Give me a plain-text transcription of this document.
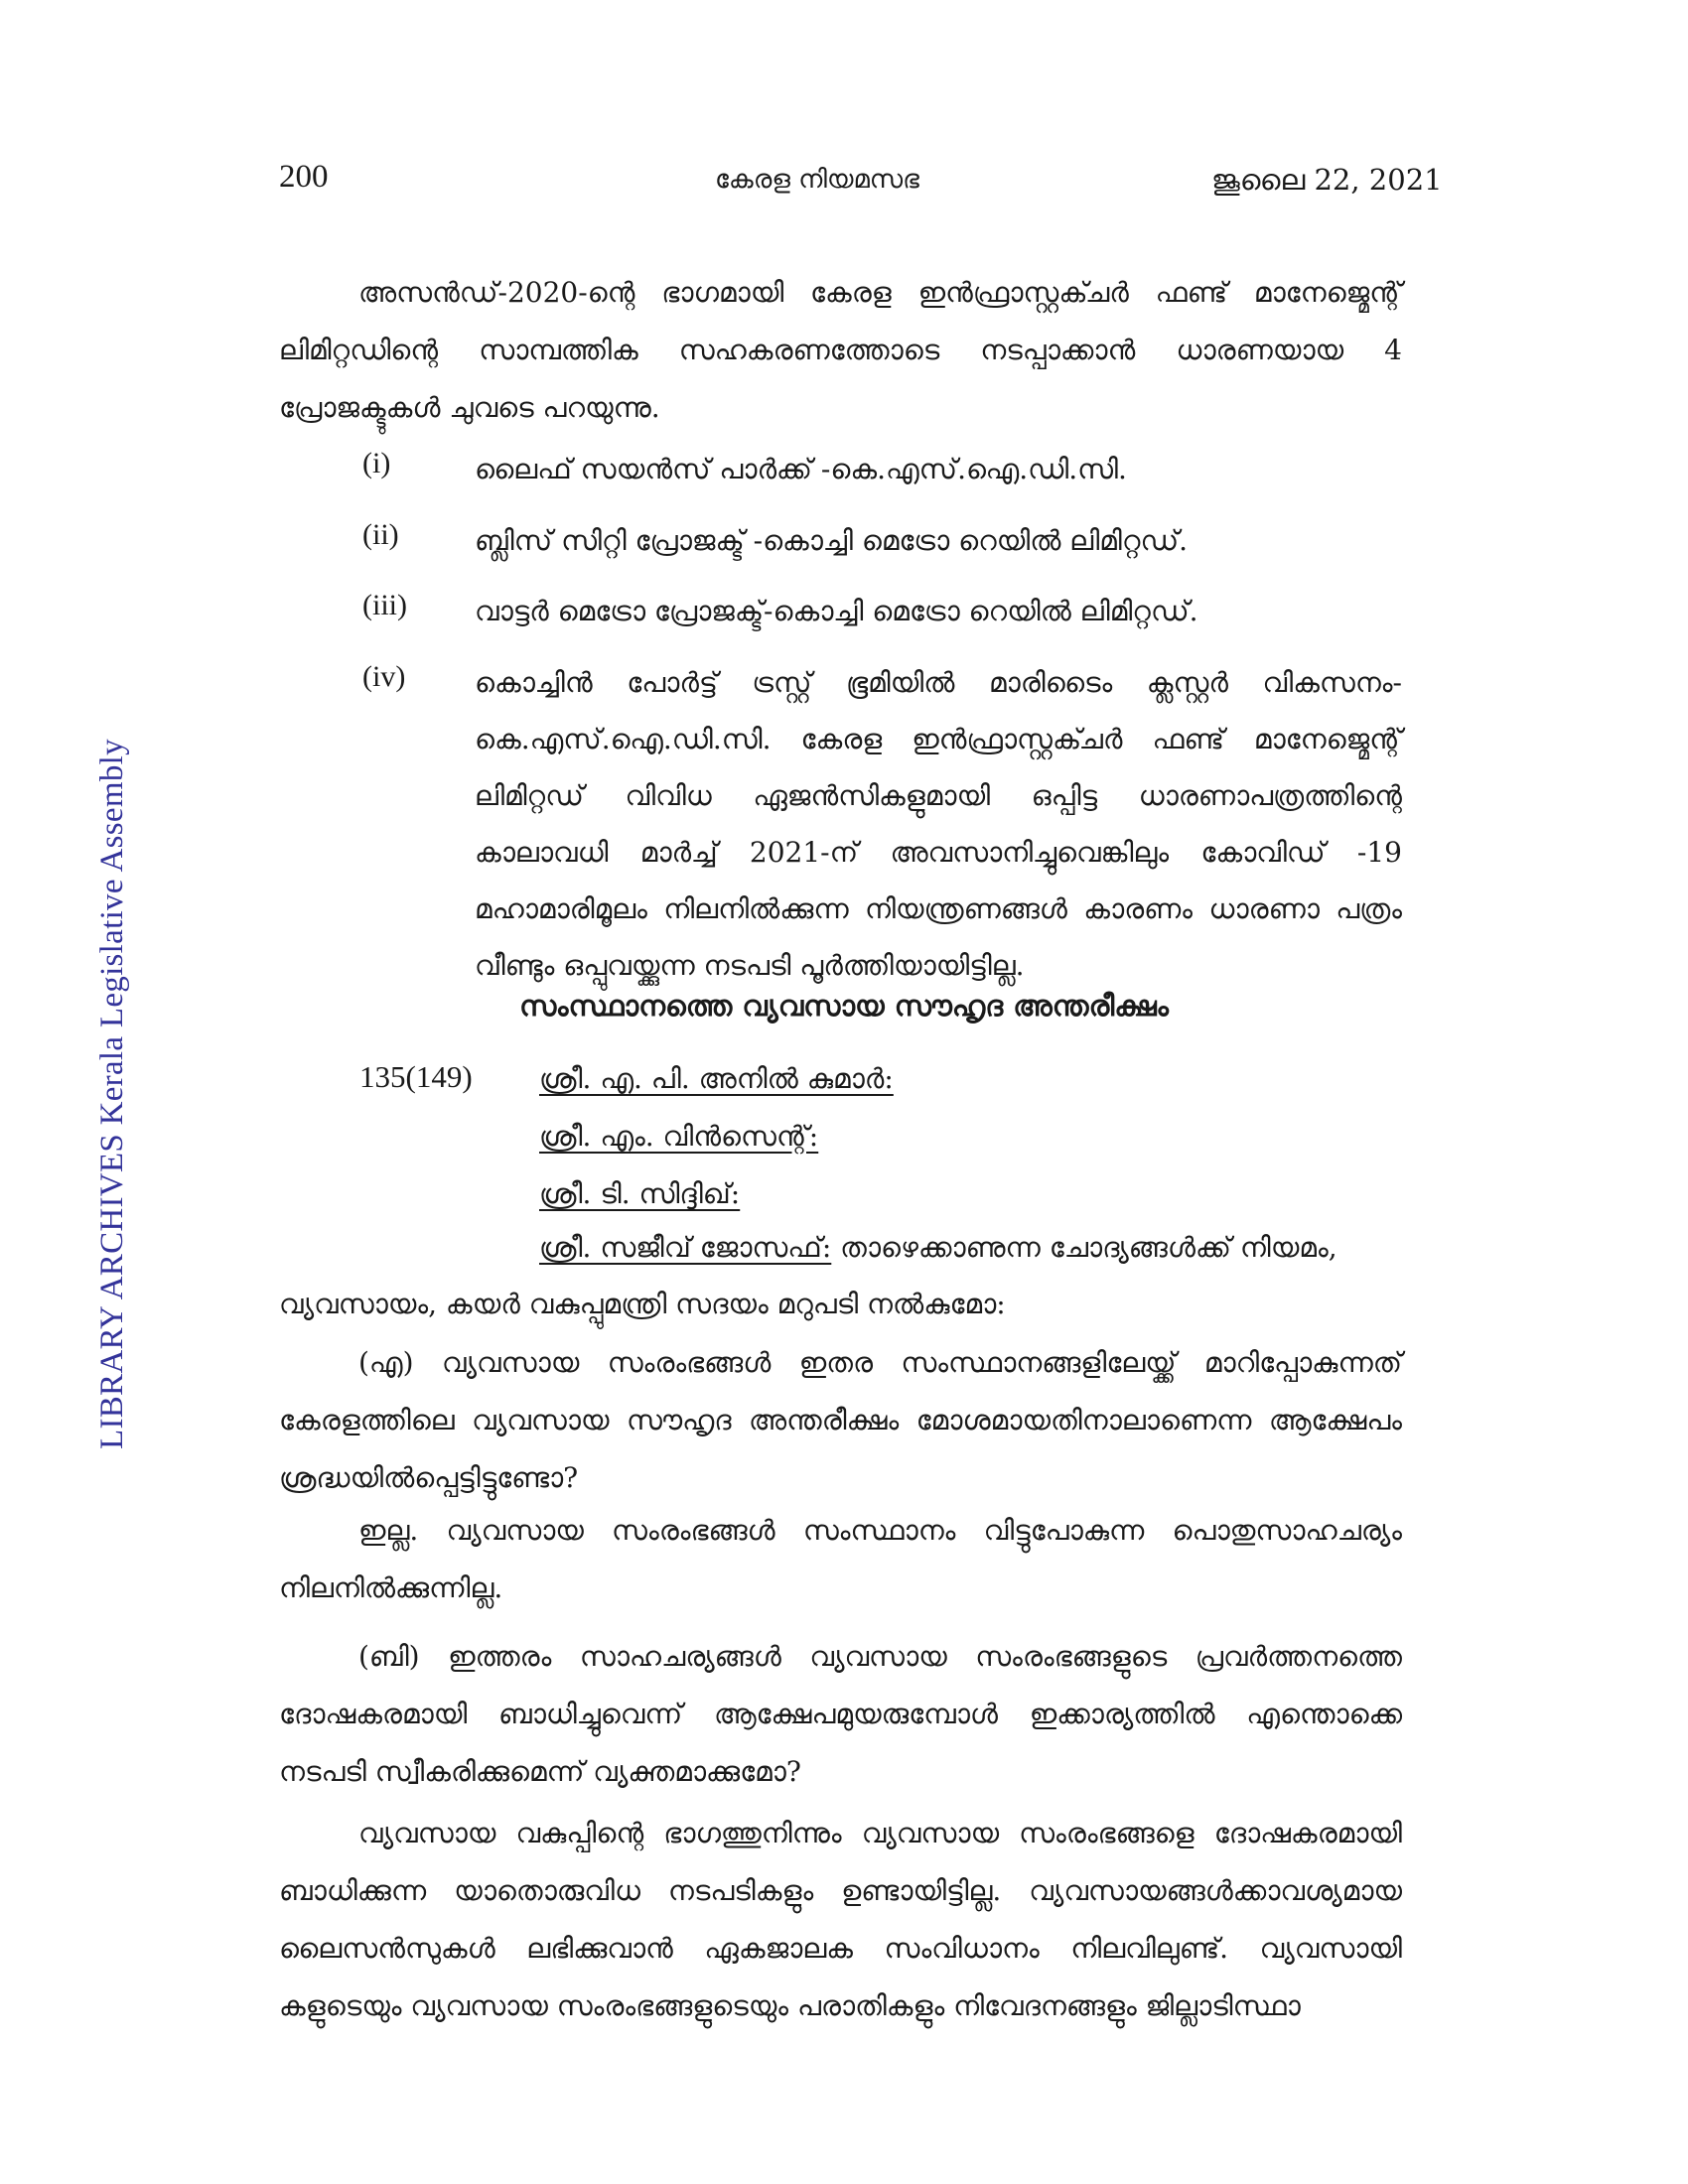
200	കേരള നിയമസഭ	ജൂലൈ 22, 2021
LIBRARY ARCHIVES Kerala Legislative Assembly
അസൻഡ്-2020-ന്റെ ഭാഗമായി കേരള ഇൻഫ്രാസ്റ്റക്ചർ ഫണ്ട് മാനേജ്മെന്റ് ലിമിറ്റഡിന്റെ സാമ്പത്തിക സഹകരണത്തോടെ നടപ്പാക്കാൻ ധാരണയായ 4 പ്രോജക്ടുകൾ ചുവടെ പറയുന്നു.
(i)	ലൈഫ് സയൻസ് പാർക്ക് -കെ.എസ്.ഐ.ഡി.സി.
(ii)	ബ്ലിസ് സിറ്റി പ്രോജക്ട് -കൊച്ചി മെട്രോ റെയിൽ ലിമിറ്റഡ്.
(iii) വാട്ടർ മെട്രോ പ്രോജക്ട്-കൊച്ചി മെട്രോ റെയിൽ ലിമിറ്റഡ്.
(iv) കൊച്ചിൻ പോർട്ട് ട്രസ്റ്റ് ഭൂമിയിൽ മാരിടൈം ക്ലസ്റ്റർ വികസനം- കെ.എസ്.ഐ.ഡി.സി. കേരള ഇൻഫ്രാസ്റ്റക്ചർ ഫണ്ട് മാനേജ്മെന്റ് ലിമിറ്റഡ് വിവിധ ഏജൻസികളുമായി ഒപ്പിട്ട ധാരണാപത്രത്തിന്റെ കാലാവധി മാർച്ച് 2021-ന് അവസാനിച്ചുവെങ്കിലും കോവിഡ് -19 മഹാമാരിമൂലം നിലനിൽക്കുന്ന നിയന്ത്രണങ്ങൾ കാരണം ധാരണാ പത്രം വീണ്ടും ഒപ്പുവയ്ക്കുന്ന നടപടി പൂർത്തിയായിട്ടില്ല.
സംസ്ഥാനത്തെ വ്യവസായ സൗഹൃദ അന്തരീക്ഷം
135(149) ശ്രീ. എ. പി. അനിൽ കുമാർ:
ശ്രീ. എം. വിൻസെന്റ്:
ശ്രീ. ടി. സിദ്ദിഖ്:
ശ്രീ. സജീവ് ജോസഫ്: താഴെക്കാണുന്ന ചോദ്യങ്ങൾക്ക് നിയമം,
വ്യവസായം, കയർ വകുപ്പുമന്ത്രി സദയം മറുപടി നൽകുമോ:
(എ) വ്യവസായ സംരംഭങ്ങൾ ഇതര സംസ്ഥാനങ്ങളിലേയ്ക്ക് മാറിപ്പോകുന്നത് കേരളത്തിലെ വ്യവസായ സൗഹൃദ അന്തരീക്ഷം മോശമായതിനാലാണെന്ന ആക്ഷേപം ശ്രദ്ധയിൽപ്പെട്ടിട്ടുണ്ടോ?
ഇല്ല. വ്യവസായ സംരംഭങ്ങൾ സംസ്ഥാനം വിട്ടുപോകുന്ന പൊതുസാഹചര്യം നിലനിൽക്കുന്നില്ല.
(ബി) ഇത്തരം സാഹചര്യങ്ങൾ വ്യവസായ സംരംഭങ്ങളുടെ പ്രവർത്തനത്തെ ദോഷകരമായി ബാധിച്ചുവെന്ന് ആക്ഷേപമുയരുമ്പോൾ ഇക്കാര്യത്തിൽ എന്തൊക്കെ നടപടി സ്വീകരിക്കുമെന്ന് വ്യക്തമാക്കുമോ?
വ്യവസായ വകുപ്പിന്റെ ഭാഗത്തുനിന്നും വ്യവസായ സംരംഭങ്ങളെ ദോഷകരമായി ബാധിക്കുന്ന യാതൊരുവിധ നടപടികളും ഉണ്ടായിട്ടില്ല. വ്യവസായങ്ങൾക്കാവശ്യമായ ലൈസൻസുകൾ ലഭിക്കുവാൻ ഏകജാലക സംവിധാനം നിലവിലുണ്ട്. വ്യവസായി കളുടെയും വ്യവസായ സംരംഭങ്ങളുടെയും പരാതികളും നിവേദനങ്ങളും ജില്ലാടിസ്ഥാ
